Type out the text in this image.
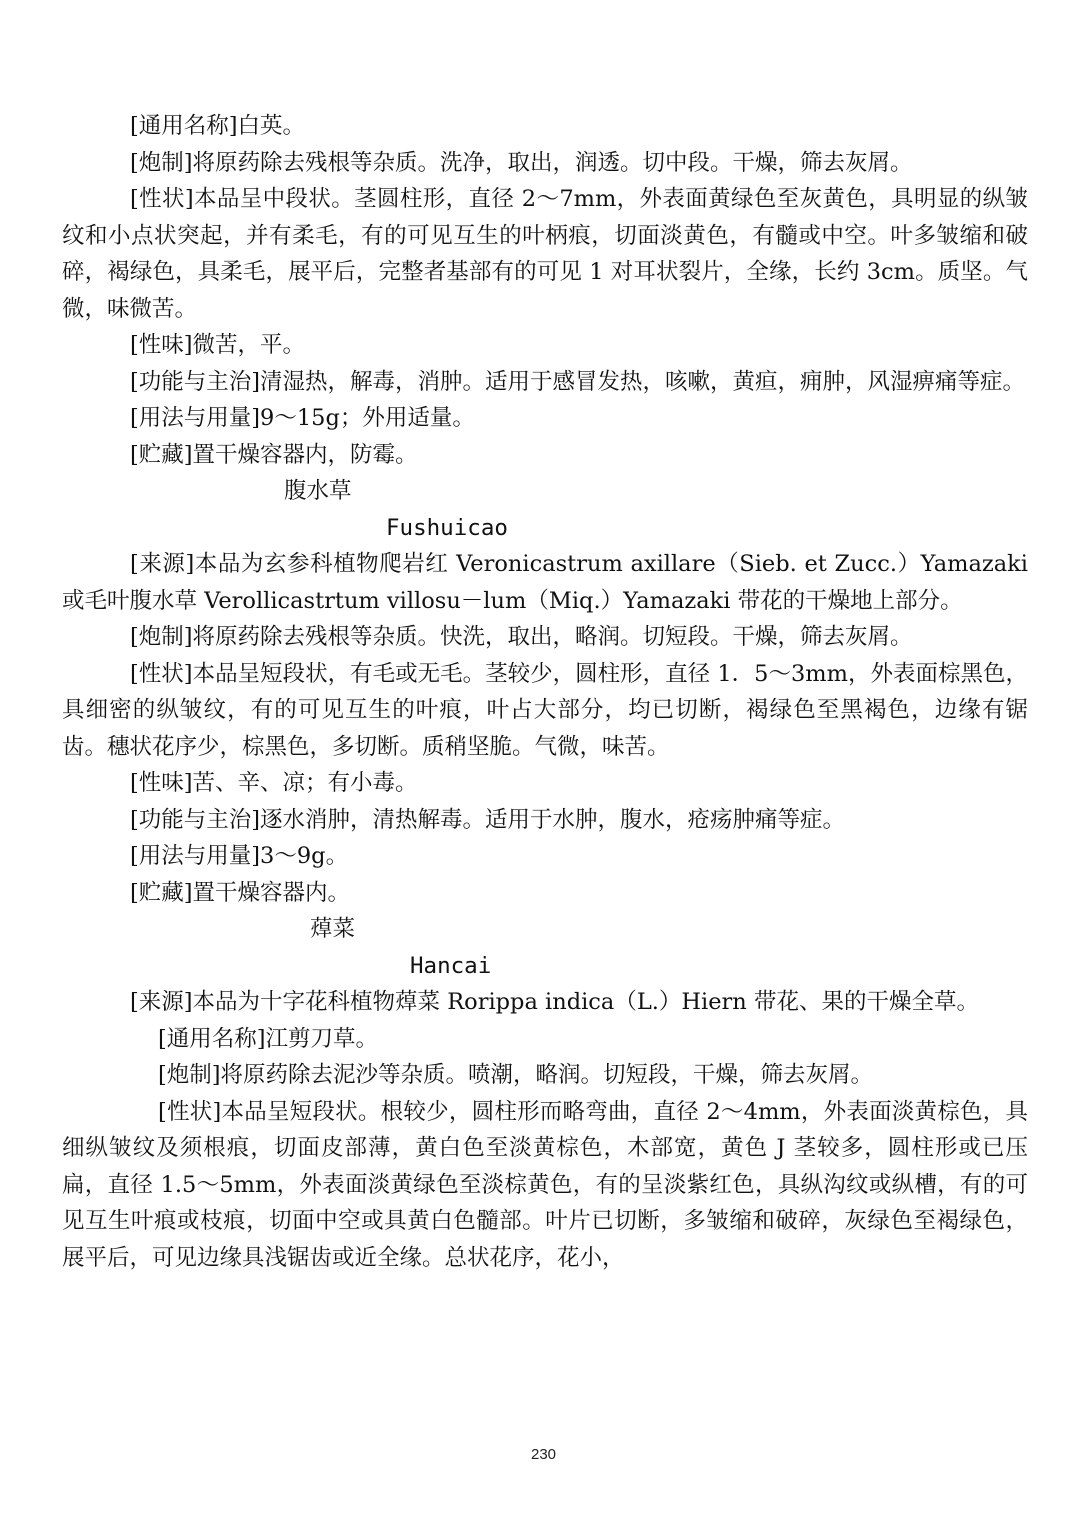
[通用名称]白英。

[炮制]将原药除去残根等杂质。洗净，取出，润透。切中段。干燥，筛去灰屑。

[性状]本品呈中段状。茎圆柱形，直径 2～7mm，外表面黄绿色至灰黄色，具明显的纵皱纹和小点状突起，并有柔毛，有的可见互生的叶柄痕，切面淡黄色，有髓或中空。叶多皱缩和破碎，褐绿色，具柔毛，展平后，完整者基部有的可见 1 对耳状裂片，全缘，长约 3cm。质坚。气微，味微苦。

[性味]微苦，平。

[功能与主治]清湿热，解毒，消肿。适用于感冒发热，咳嗽，黄疸，痈肿，风湿痹痛等症。

[用法与用量]9～15g；外用适量。

[贮藏]置干燥容器内，防霉。

腹水草

Fushuicao

[来源]本品为玄参科植物爬岩红 Veronicastrum axillare（Sieb. et Zucc.）Yamazaki 或毛叶腹水草 Verollicastrtum villosu－lum（Miq.）Yamazaki 带花的干燥地上部分。

[炮制]将原药除去残根等杂质。快洗，取出，略润。切短段。干燥，筛去灰屑。

[性状]本品呈短段状，有毛或无毛。茎较少，圆柱形，直径 1．5～3mm，外表面棕黑色，具细密的纵皱纹，有的可见互生的叶痕，叶占大部分，均已切断，褐绿色至黑褐色，边缘有锯齿。穗状花序少，棕黑色，多切断。质稍坚脆。气微，味苦。

[性味]苦、辛、凉；有小毒。

[功能与主治]逐水消肿，清热解毒。适用于水肿，腹水，疮疡肿痛等症。

[用法与用量]3～9g。

[贮藏]置干燥容器内。

蔊菜

Hancai

[来源]本品为十字花科植物蔊菜 Rorippa indica（L.）Hiern 带花、果的干燥全草。

[通用名称]江剪刀草。

[炮制]将原药除去泥沙等杂质。喷潮，略润。切短段，干燥，筛去灰屑。

[性状]本品呈短段状。根较少，圆柱形而略弯曲，直径 2～4mm，外表面淡黄棕色，具细纵皱纹及须根痕，切面皮部薄，黄白色至淡黄棕色，木部宽，黄色 J 茎较多，圆柱形或已压扁，直径 1.5～5mm，外表面淡黄绿色至淡棕黄色，有的呈淡紫红色，具纵沟纹或纵槽，有的可见互生叶痕或枝痕，切面中空或具黄白色髓部。叶片已切断，多皱缩和破碎，灰绿色至褐绿色，展平后，可见边缘具浅锯齿或近全缘。总状花序，花小，

230
